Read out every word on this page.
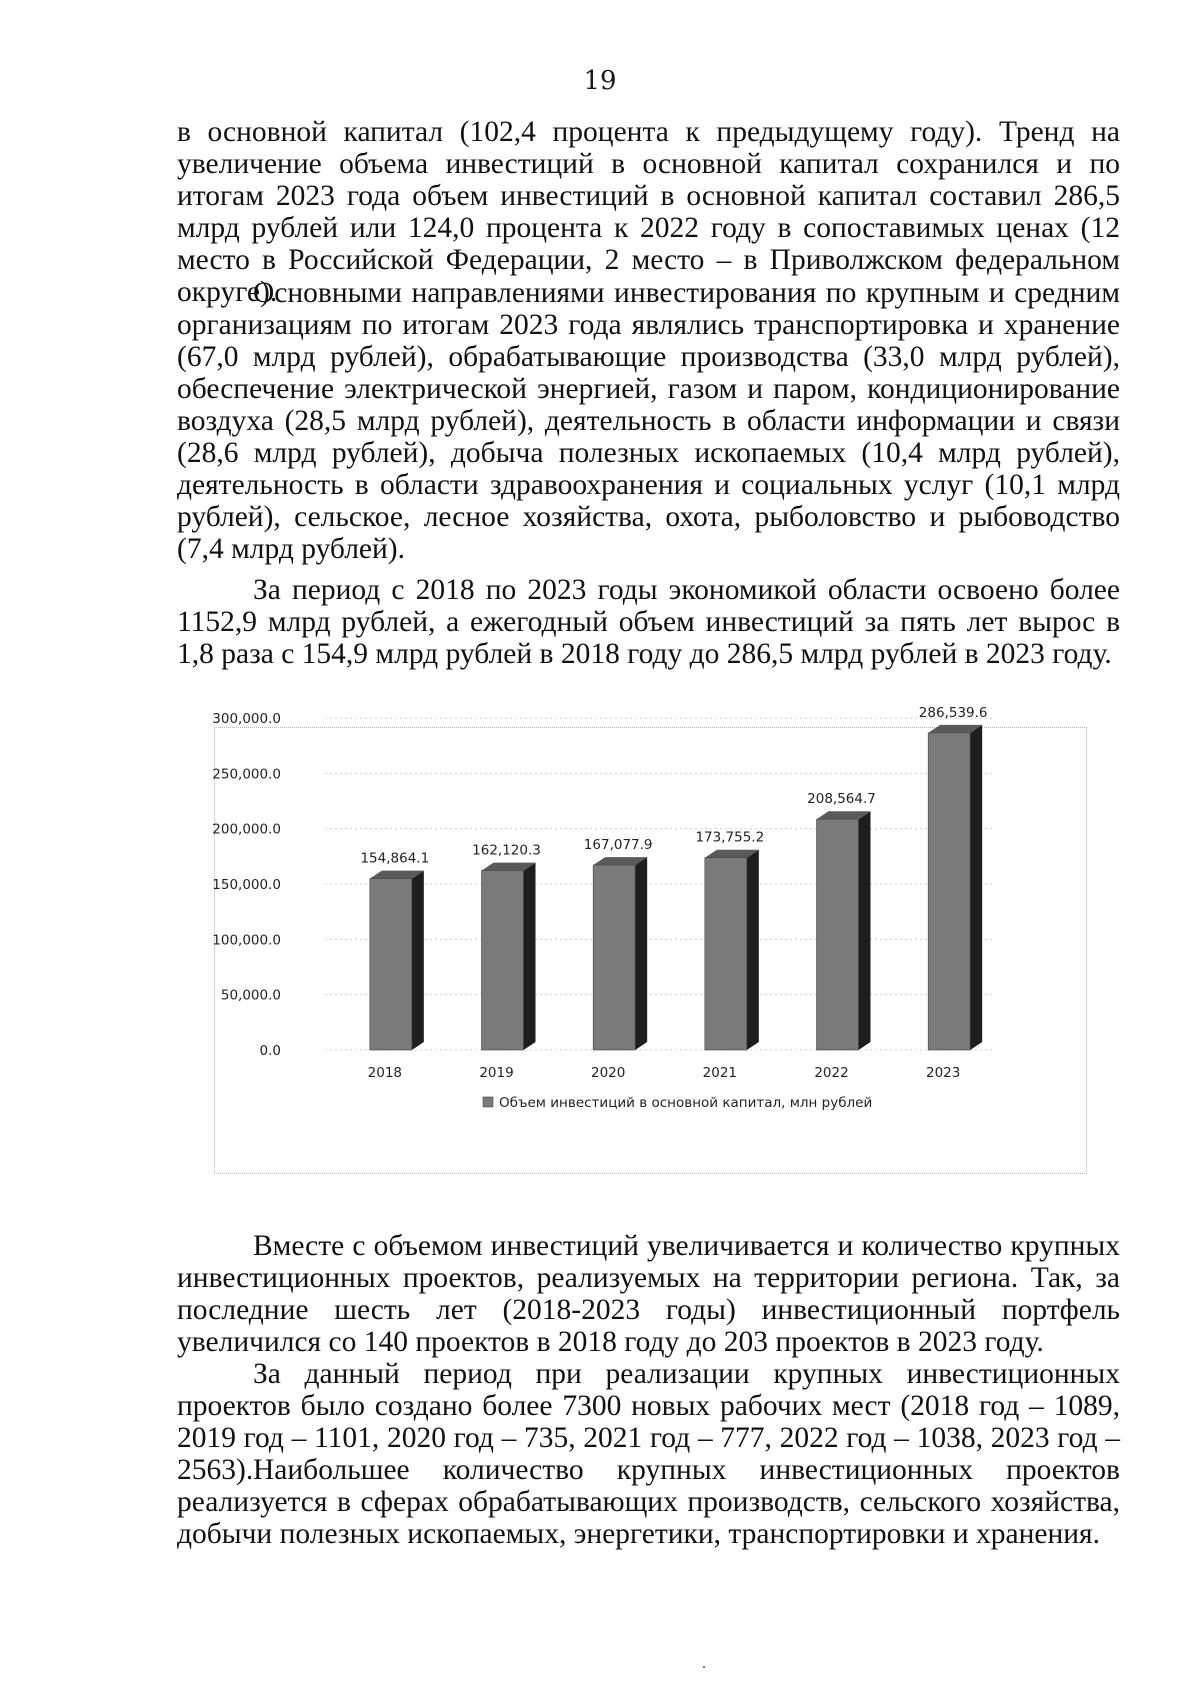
19

в основной капитал (102,4 процента к предыдущему году). Тренд на увеличение объема инвестиций в основной капитал сохранился и по итогам 2023 года объем инвестиций в основной капитал составил 286,5 млрд рублей или 124,0 процента к 2022 году в сопоставимых ценах (12 место в Российской Федерации, 2 место – в Приволжском федеральном округе).

Основными направлениями инвестирования по крупным и средним организациям по итогам 2023 года являлись транспортировка и хранение (67,0 млрд рублей), обрабатывающие производства (33,0 млрд рублей), обеспечение электрической энергией, газом и паром, кондиционирование воздуха (28,5 млрд рублей), деятельность в области информации и связи (28,6 млрд рублей), добыча полезных ископаемых (10,4 млрд рублей), деятельность в области здравоохранения и социальных услуг (10,1 млрд рублей), сельское, лесное хозяйства, охота, рыболовство и рыбоводство (7,4 млрд рублей).

За период с 2018 по 2023 годы экономикой области освоено более 1152,9 млрд рублей, а ежегодный объем инвестиций за пять лет вырос в 1,8 раза с 154,9 млрд рублей в 2018 году до 286,5 млрд рублей в 2023 году.

0.0
50,000.0
100,000.0
150,000.0
200,000.0
250,000.0
300,000.0
154,864.1
2018
162,120.3
2019
167,077.9
2020
173,755.2
2021
208,564.7
2022
286,539.6
2023
Объем инвестиций в основной капитал, млн рублей

Вместе с объемом инвестиций увеличивается и количество крупных инвестиционных проектов, реализуемых на территории региона. Так, за последние шесть лет (2018-2023 годы) инвестиционный портфель увеличился со 140 проектов в 2018 году до 203 проектов в 2023 году.

За данный период при реализации крупных инвестиционных проектов было создано более 7300 новых рабочих мест (2018 год – 1089, 2019 год – 1101, 2020 год – 735, 2021 год – 777, 2022 год – 1038, 2023 год – 2563). Наибольшее количество крупных инвестиционных проектов реализуется в сферах обрабатывающих производств, сельского хозяйства, добычи полезных ископаемых, энергетики, транспортировки и хранения.
